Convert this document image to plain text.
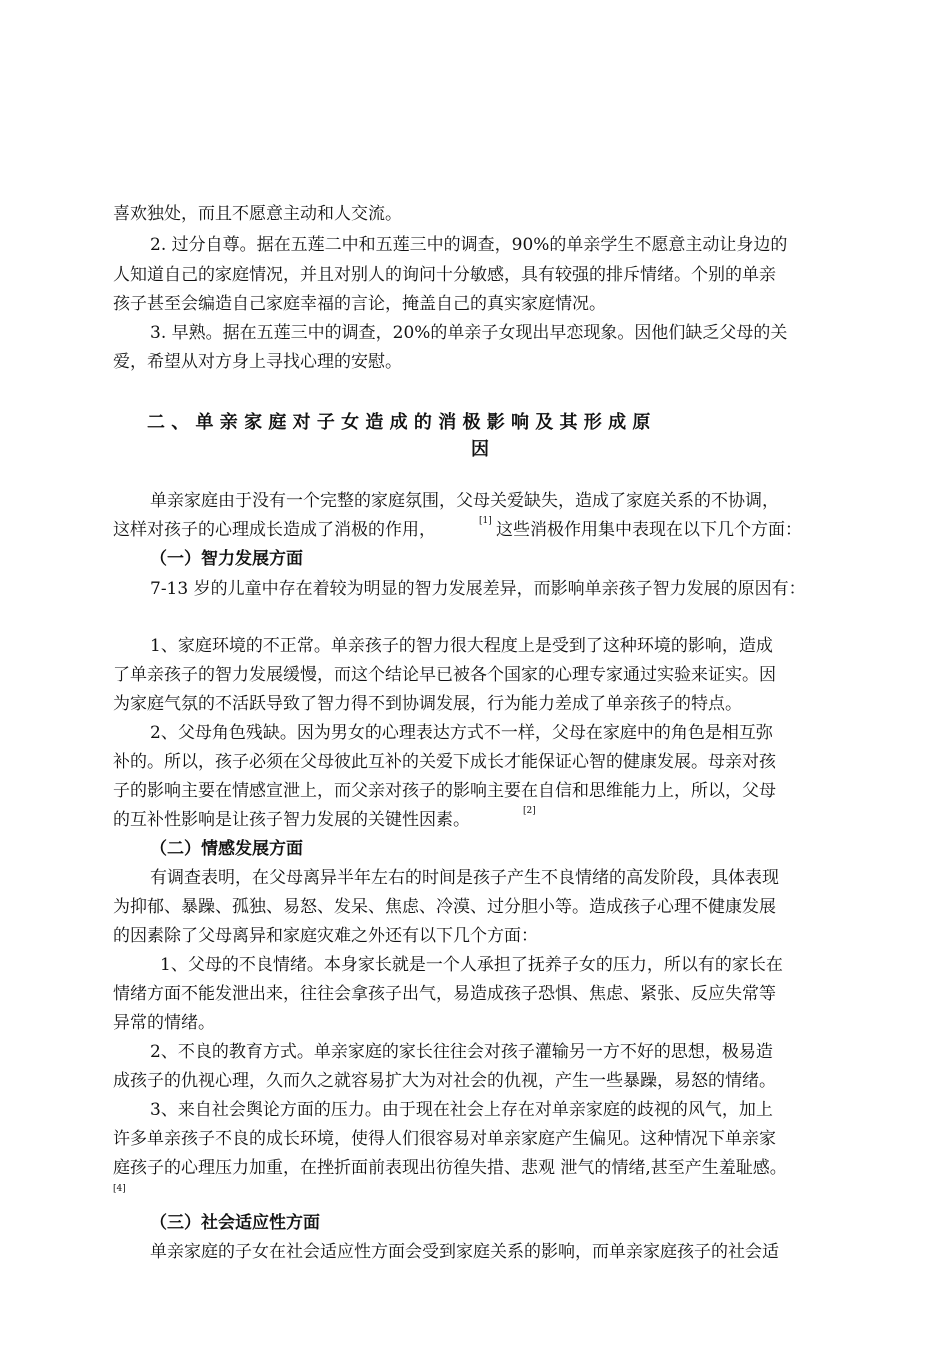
喜欢独处，而且不愿意主动和人交流。
2. 过分自尊。据在五莲二中和五莲三中的调查，90%的单亲学生不愿意主动让身边的
人知道自己的家庭情况，并且对别人的询问十分敏感，具有较强的排斥情绪。个别的单亲
孩子甚至会编造自己家庭幸福的言论，掩盖自己的真实家庭情况。
3. 早熟。据在五莲三中的调查，20%的单亲子女现出早恋现象。因他们缺乏父母的关
爱，希望从对方身上寻找心理的安慰。
二 、 单 亲 家 庭 对 子 女 造 成 的 消 极 影 响 及 其 形 成 原
因
单亲家庭由于没有一个完整的家庭氛围，父母关爱缺失，造成了家庭关系的不协调，
这样对孩子的心理成长造成了消极的作用，	[1] 这些消极作用集中表现在以下几个方面：
（一）智力发展方面
7-13 岁的儿童中存在着较为明显的智力发展差异，而影响单亲孩子智力发展的原因有：
1、家庭环境的不正常。单亲孩子的智力很大程度上是受到了这种环境的影响，造成
了单亲孩子的智力发展缓慢，而这个结论早已被各个国家的心理专家通过实验来证实。因
为家庭气氛的不活跃导致了智力得不到协调发展，行为能力差成了单亲孩子的特点。
2、父母角色残缺。因为男女的心理表达方式不一样，父母在家庭中的角色是相互弥
补的。所以，孩子必须在父母彼此互补的关爱下成长才能保证心智的健康发展。母亲对孩
子的影响主要在情感宣泄上，而父亲对孩子的影响主要在自信和思维能力上，所以，父母
的互补性影响是让孩子智力发展的关键性因素。	[2]
（二）情感发展方面
有调查表明，在父母离异半年左右的时间是孩子产生不良情绪的高发阶段，具体表现
为抑郁、暴躁、孤独、易怒、发呆、焦虑、冷漠、过分胆小等。造成孩子心理不健康发展
的因素除了父母离异和家庭灾难之外还有以下几个方面：
1、父母的不良情绪。本身家长就是一个人承担了抚养子女的压力，所以有的家长在
情绪方面不能发泄出来，往往会拿孩子出气，易造成孩子恐惧、焦虑、紧张、反应失常等
异常的情绪。
2、不良的教育方式。单亲家庭的家长往往会对孩子灌输另一方不好的思想，极易造
成孩子的仇视心理，久而久之就容易扩大为对社会的仇视，产生一些暴躁，易怒的情绪。
3、来自社会舆论方面的压力。由于现在社会上存在对单亲家庭的歧视的风气，加上
许多单亲孩子不良的成长环境，使得人们很容易对单亲家庭产生偏见。这种情况下单亲家
庭孩子的心理压力加重，在挫折面前表现出彷徨失措、悲观 泄气的情绪,甚至产生羞耻感。
[4]
（三）社会适应性方面
单亲家庭的子女在社会适应性方面会受到家庭关系的影响，而单亲家庭孩子的社会适
